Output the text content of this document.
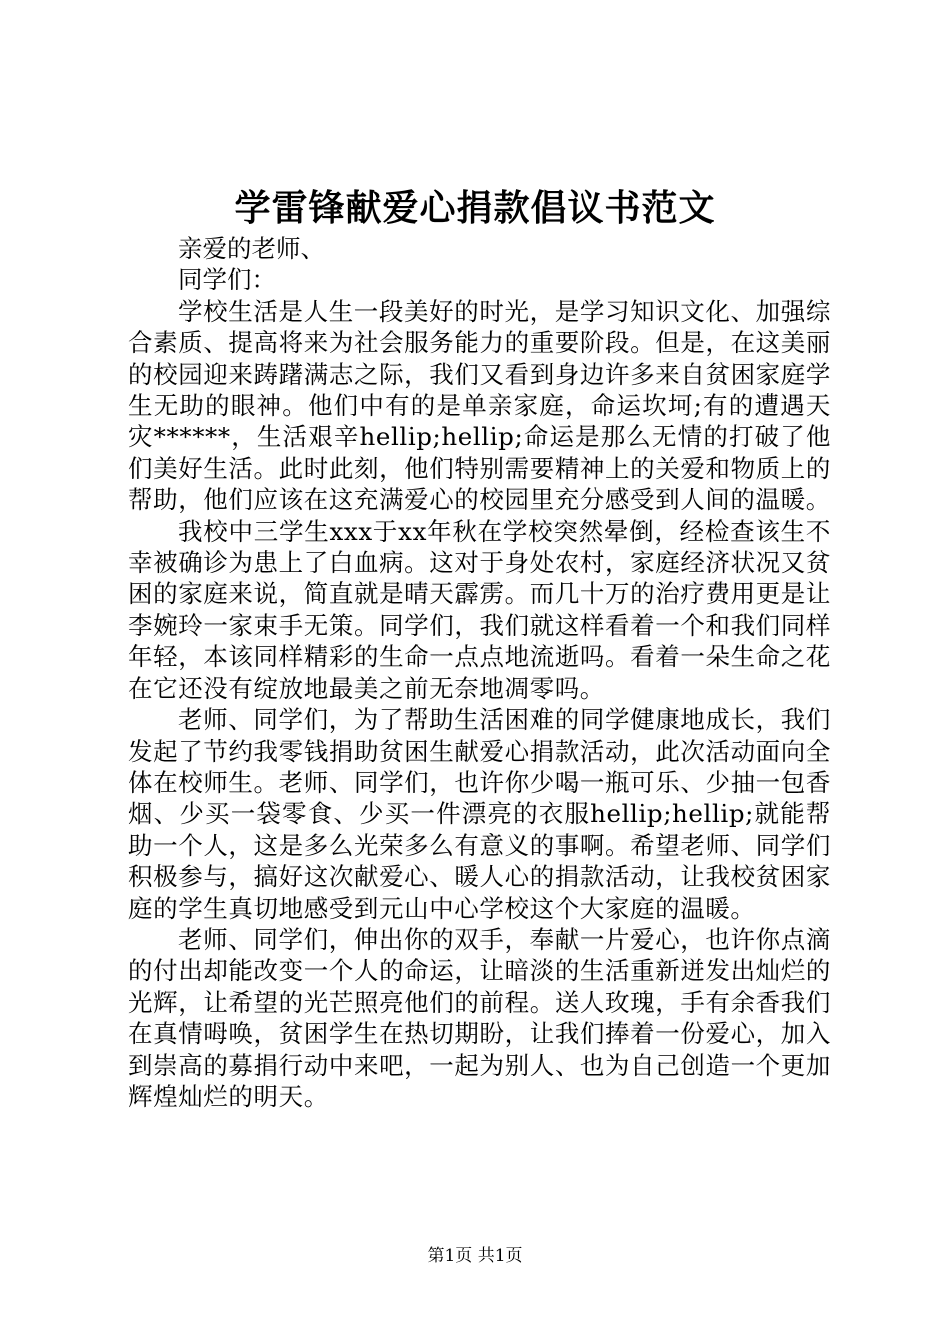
学雷锋献爱心捐款倡议书范文

亲爱的老师、

同学们：

学校生活是人生一段美好的时光，是学习知识文化、加强综合素质、提高将来为社会服务能力的重要阶段。但是，在这美丽的校园迎来踌躇满志之际，我们又看到身边许多来自贫困家庭学生无助的眼神。他们中有的是单亲家庭，命运坎坷;有的遭遇天灾******，生活艰辛hellip;hellip;命运是那么无情的打破了他们美好生活。此时此刻，他们特别需要精神上的关爱和物质上的帮助，他们应该在这充满爱心的校园里充分感受到人间的温暖。

我校中三学生xxx于xx年秋在学校突然晕倒，经检查该生不幸被确诊为患上了白血病。这对于身处农村，家庭经济状况又贫困的家庭来说，简直就是晴天霹雳。而几十万的治疗费用更是让李婉玲一家束手无策。同学们，我们就这样看着一个和我们同样年轻，本该同样精彩的生命一点点地流逝吗。看着一朵生命之花在它还没有绽放地最美之前无奈地凋零吗。

老师、同学们，为了帮助生活困难的同学健康地成长，我们发起了节约我零钱捐助贫困生献爱心捐款活动，此次活动面向全体在校师生。老师、同学们，也许你少喝一瓶可乐、少抽一包香烟、少买一袋零食、少买一件漂亮的衣服hellip;hellip;就能帮助一个人，这是多么光荣多么有意义的事啊。希望老师、同学们积极参与，搞好这次献爱心、暖人心的捐款活动，让我校贫困家庭的学生真切地感受到元山中心学校这个大家庭的温暖。

老师、同学们，伸出你的双手，奉献一片爱心，也许你点滴的付出却能改变一个人的命运，让暗淡的生活重新迸发出灿烂的光辉，让希望的光芒照亮他们的前程。送人玫瑰，手有余香我们在真情呣唤，贫困学生在热切期盼，让我们捧着一份爱心，加入到崇高的募捐行动中来吧，一起为别人、也为自己创造一个更加辉煌灿烂的明天。

第1页 共1页
